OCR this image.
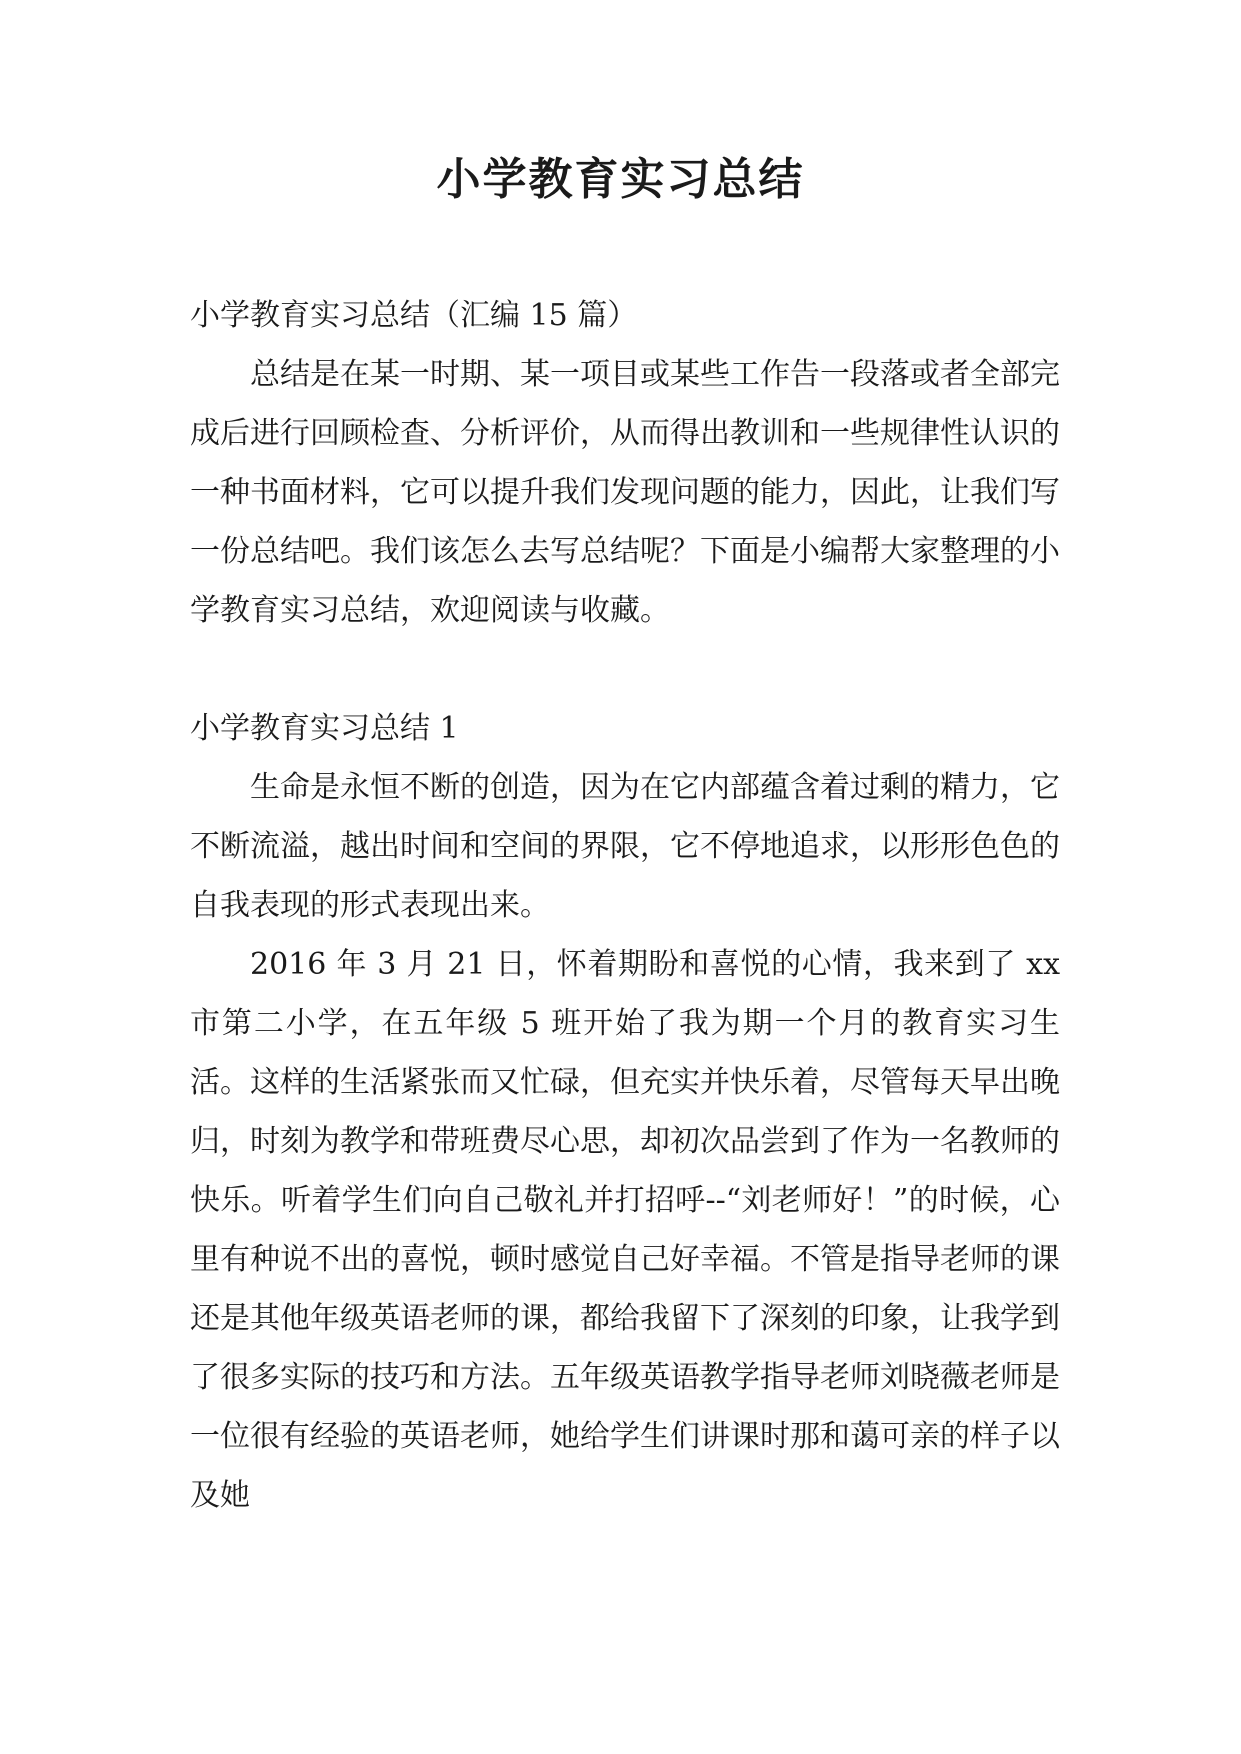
小学教育实习总结

小学教育实习总结（汇编 15 篇）

总结是在某一时期、某一项目或某些工作告一段落或者全部完成后进行回顾检查、分析评价，从而得出教训和一些规律性认识的一种书面材料，它可以提升我们发现问题的能力，因此，让我们写一份总结吧。我们该怎么去写总结呢？下面是小编帮大家整理的小学教育实习总结，欢迎阅读与收藏。

小学教育实习总结 1

生命是永恒不断的创造，因为在它内部蕴含着过剩的精力，它不断流溢，越出时间和空间的界限，它不停地追求，以形形色色的自我表现的形式表现出来。

2016 年 3 月 21 日，怀着期盼和喜悦的心情，我来到了 xx 市第二小学，在五年级 5 班开始了我为期一个月的教育实习生活。这样的生活紧张而又忙碌，但充实并快乐着，尽管每天早出晚归，时刻为教学和带班费尽心思，却初次品尝到了作为一名教师的快乐。听着学生们向自己敬礼并打招呼--“刘老师好！”的时候，心里有种说不出的喜悦，顿时感觉自己好幸福。不管是指导老师的课还是其他年级英语老师的课，都给我留下了深刻的印象，让我学到了很多实际的技巧和方法。五年级英语教学指导老师刘晓薇老师是一位很有经验的英语老师，她给学生们讲课时那和蔼可亲的样子以及她
